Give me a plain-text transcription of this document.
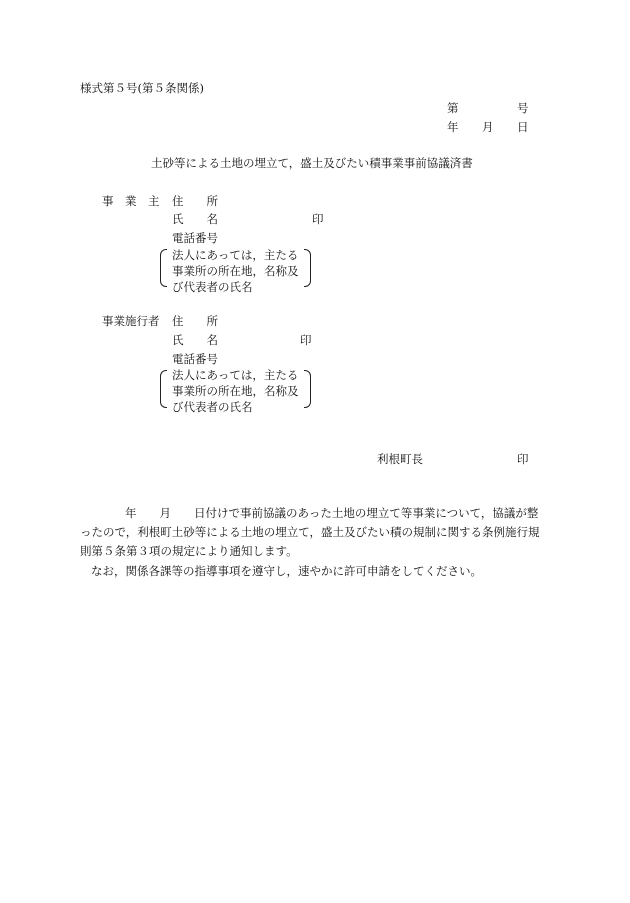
様式第５号(第５条関係)
第	号
年 月 日
土砂等による土地の埋立て，盛土及びたい積事業事前協議済書
事　業　主 住　　所
氏　　名	印
電話番号
法人にあっては，主たる
事業所の所在地，名称及
び代表者の氏名
事業施行者 住　　所
氏　　名	印
電話番号
法人にあっては，主たる
事業所の所在地，名称及
び代表者の氏名
利根町長	印
年　　月　　日付けで事前協議のあった土地の埋立て等事業について，協議が整
ったので，利根町土砂等による土地の埋立て，盛土及びたい積の規制に関する条例施行規
則第５条第３項の規定により通知します。
なお，関係各課等の指導事項を遵守し，速やかに許可申請をしてください。
